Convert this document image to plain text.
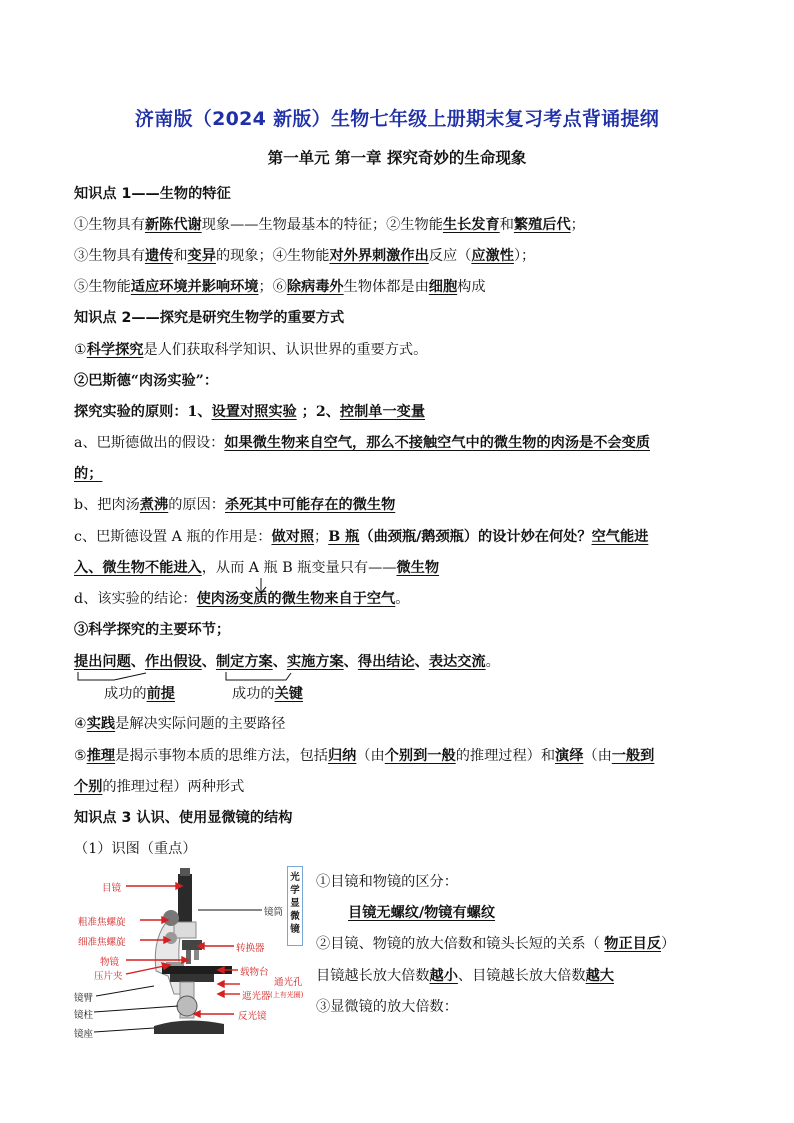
济南版（2024 新版）生物七年级上册期末复习考点背诵提纲
第一单元 第一章 探究奇妙的生命现象
知识点 1——生物的特征
①生物具有新陈代谢现象——生物最基本的特征；②生物能生长发育和繁殖后代；
③生物具有遗传和变异的现象；④生物能对外界刺激作出反应（应激性）；
⑤生物能适应环境并影响环境；⑥除病毒外生物体都是由细胞构成
知识点 2——探究是研究生物学的重要方式
①科学探究是人们获取科学知识、认识世界的重要方式。
②巴斯德“肉汤实验”：
探究实验的原则：1、设置对照实验 ；2、控制单一变量
a、巴斯德做出的假设：如果微生物来自空气，那么不接触空气中的微生物的肉汤是不会变质
的；
b、把肉汤煮沸的原因：杀死其中可能存在的微生物
c、巴斯德设置 A 瓶的作用是：做对照；B 瓶（曲颈瓶/鹅颈瓶）的设计妙在何处？空气能进
入、微生物不能进入，从而 A 瓶 B 瓶变量只有——微生物
d、该实验的结论：使肉汤变质的微生物来自于空气。
③科学探究的主要环节；
提出问题、作出假设、制定方案、实施方案、得出结论、表达交流。
成功的前提	成功的关键
④实践是解决实际问题的主要路径
⑤推理是揭示事物本质的思维方法，包括归纳（由个别到一般的推理过程）和演绎（由一般到
个别的推理过程）两种形式
知识点 3 认识、使用显微镜的结构
（1）识图（重点）
目镜
粗准焦螺旋
细准焦螺旋
物镜
压片夹
镜臂
镜柱
镜座
镜筒
转换器
载物台
通光孔
遮光器 (上有光圈)
反光镜
光
学
显
微
镜
①目镜和物镜的区分：
目镜无螺纹/物镜有螺纹
②目镜、物镜的放大倍数和镜头长短的关系（ 物正目反）
目镜越长放大倍数越小、目镜越长放大倍数越大
③显微镜的放大倍数：
